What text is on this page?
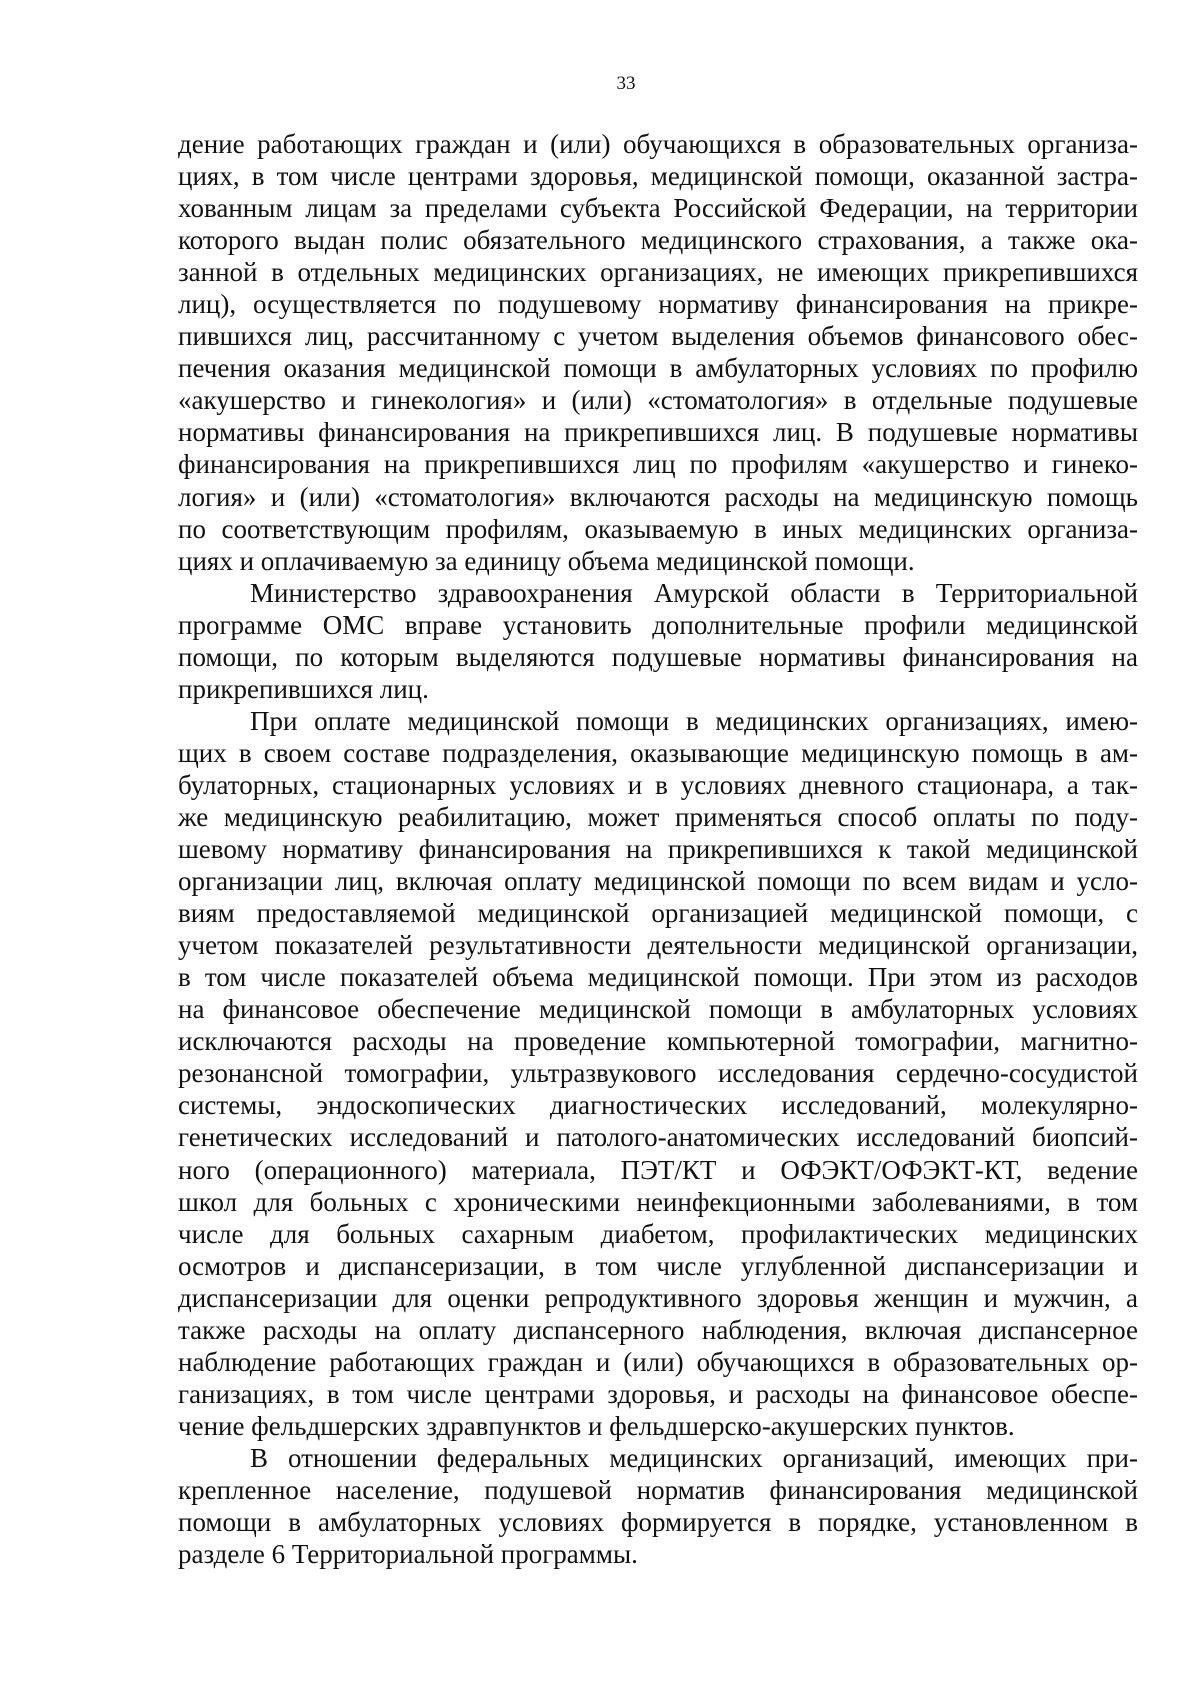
33
дение работающих граждан и (или) обучающихся в образовательных организа-
циях, в том числе центрами здоровья, медицинской помощи, оказанной застра-
хованным лицам за пределами субъекта Российской Федерации, на территории
которого выдан полис обязательного медицинского страхования, а также ока-
занной в отдельных медицинских организациях, не имеющих прикрепившихся
лиц), осуществляется по подушевому нормативу финансирования на прикре-
пившихся лиц, рассчитанному с учетом выделения объемов финансового обес-
печения оказания медицинской помощи в амбулаторных условиях по профилю
«акушерство и гинекология» и (или) «стоматология» в отдельные подушевые
нормативы финансирования на прикрепившихся лиц. В подушевые нормативы
финансирования на прикрепившихся лиц по профилям «акушерство и гинеко-
логия» и (или) «стоматология» включаются расходы на медицинскую помощь
по соответствующим профилям, оказываемую в иных медицинских организа-
циях и оплачиваемую за единицу объема медицинской помощи.
Министерство здравоохранения Амурской области в Территориальной
программе ОМС вправе установить дополнительные профили медицинской
помощи, по которым выделяются подушевые нормативы финансирования на
прикрепившихся лиц.
При оплате медицинской помощи в медицинских организациях, имею-
щих в своем составе подразделения, оказывающие медицинскую помощь в ам-
булаторных, стационарных условиях и в условиях дневного стационара, а так-
же медицинскую реабилитацию, может применяться способ оплаты по поду-
шевому нормативу финансирования на прикрепившихся к такой медицинской
организации лиц, включая оплату медицинской помощи по всем видам и усло-
виям предоставляемой медицинской организацией медицинской помощи, с
учетом показателей результативности деятельности медицинской организации,
в том числе показателей объема медицинской помощи. При этом из расходов
на финансовое обеспечение медицинской помощи в амбулаторных условиях
исключаются расходы на проведение компьютерной томографии, магнитно-
резонансной томографии, ультразвукового исследования сердечно-сосудистой
системы, эндоскопических диагностических исследований, молекулярно-
генетических исследований и патолого-анатомических исследований биопсий-
ного (операционного) материала, ПЭТ/КТ и ОФЭКТ/ОФЭКТ-КТ, ведение
школ для больных с хроническими неинфекционными заболеваниями, в том
числе для больных сахарным диабетом, профилактических медицинских
осмотров и диспансеризации, в том числе углубленной диспансеризации и
диспансеризации для оценки репродуктивного здоровья женщин и мужчин, а
также расходы на оплату диспансерного наблюдения, включая диспансерное
наблюдение работающих граждан и (или) обучающихся в образовательных ор-
ганизациях, в том числе центрами здоровья, и расходы на финансовое обеспе-
чение фельдшерских здравпунктов и фельдшерско-акушерских пунктов.
В отношении федеральных медицинских организаций, имеющих при-
крепленное население, подушевой норматив финансирования медицинской
помощи в амбулаторных условиях формируется в порядке, установленном в
разделе 6 Территориальной программы.
